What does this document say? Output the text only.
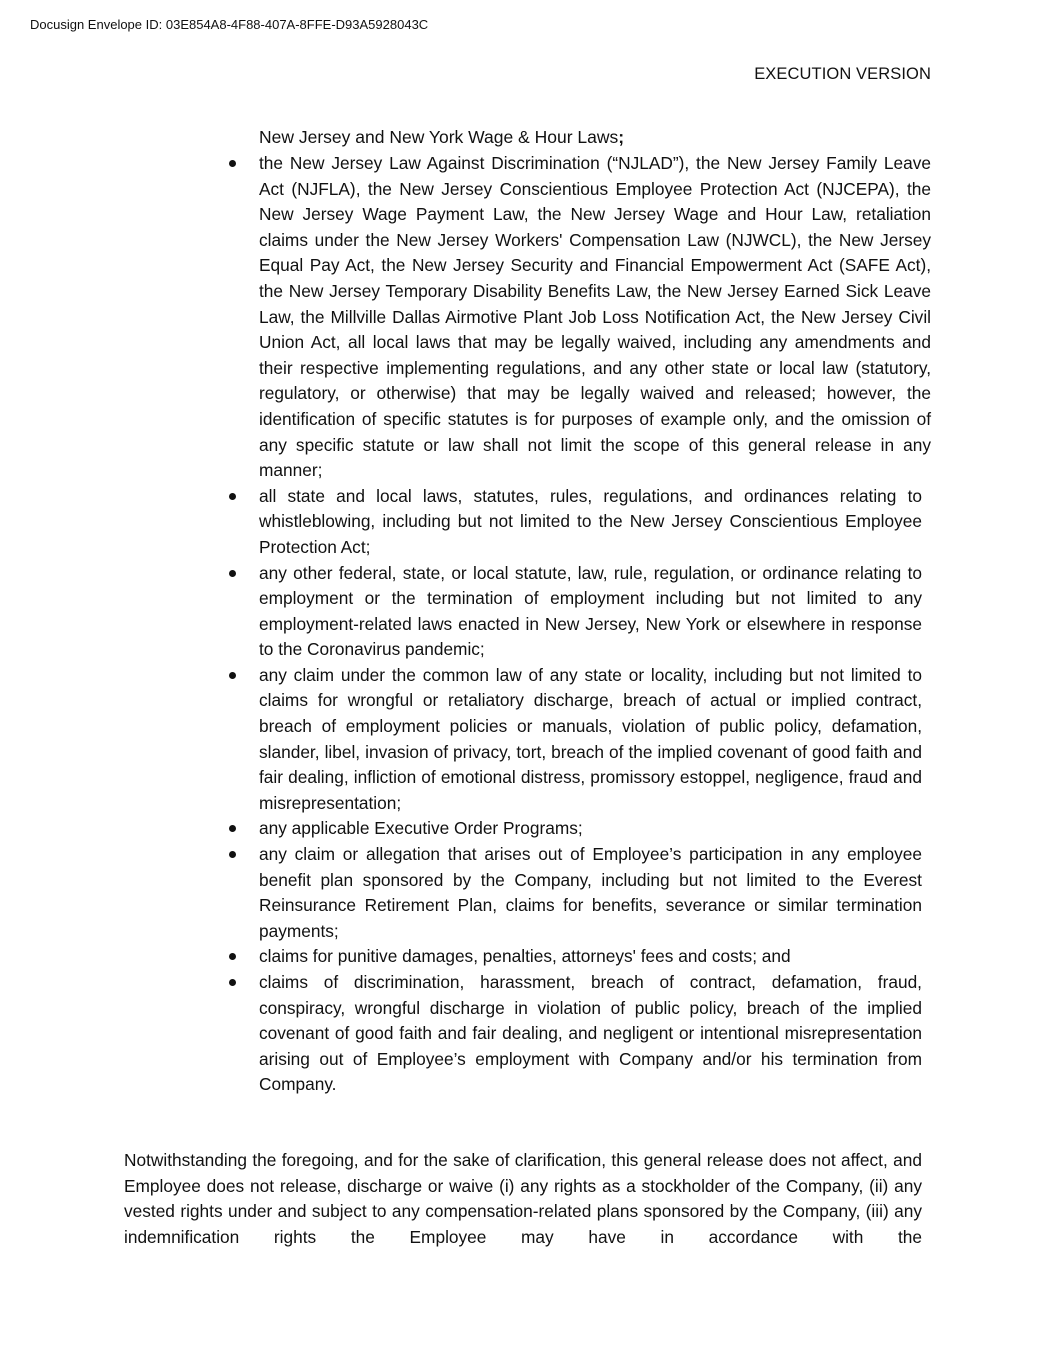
Docusign Envelope ID: 03E854A8-4F88-407A-8FFE-D93A5928043C
EXECUTION VERSION
New Jersey and New York Wage & Hour Laws;
the New Jersey Law Against Discrimination (“NJLAD”), the New Jersey Family Leave Act (NJFLA), the New Jersey Conscientious Employee Protection Act (NJCEPA), the New Jersey Wage Payment Law, the New Jersey Wage and Hour Law, retaliation claims under the New Jersey Workers' Compensation Law (NJWCL), the New Jersey Equal Pay Act, the New Jersey Security and Financial Empowerment Act (SAFE Act), the New Jersey Temporary Disability Benefits Law, the New Jersey Earned Sick Leave Law, the Millville Dallas Airmotive Plant Job Loss Notification Act, the New Jersey Civil Union Act, all local laws that may be legally waived, including any amendments and their respective implementing regulations, and any other state or local law (statutory, regulatory, or otherwise) that may be legally waived and released; however, the identification of specific statutes is for purposes of example only, and the omission of any specific statute or law shall not limit the scope of this general release in any manner;
all state and local laws, statutes, rules, regulations, and ordinances relating to whistleblowing, including but not limited to the New Jersey Conscientious Employee Protection Act;
any other federal, state, or local statute, law, rule, regulation, or ordinance relating to employment or the termination of employment including but not limited to any employment-related laws enacted in New Jersey, New York or elsewhere in response to the Coronavirus pandemic;
any claim under the common law of any state or locality, including but not limited to claims for wrongful or retaliatory discharge, breach of actual or implied contract, breach of employment policies or manuals, violation of public policy, defamation, slander, libel, invasion of privacy, tort, breach of the implied covenant of good faith and fair dealing, infliction of emotional distress, promissory estoppel, negligence, fraud and misrepresentation;
any applicable Executive Order Programs;
any claim or allegation that arises out of Employee’s participation in any employee benefit plan sponsored by the Company, including but not limited to the Everest Reinsurance Retirement Plan, claims for benefits, severance or similar termination payments;
claims for punitive damages, penalties, attorneys' fees and costs; and
claims of discrimination, harassment, breach of contract, defamation, fraud, conspiracy, wrongful discharge in violation of public policy, breach of the implied covenant of good faith and fair dealing, and negligent or intentional misrepresentation arising out of Employee’s employment with Company and/or his termination from Company.

Notwithstanding the foregoing, and for the sake of clarification, this general release does not affect, and Employee does not release, discharge or waive (i) any rights as a stockholder of the Company, (ii) any vested rights under and subject to any compensation-related plans sponsored by the Company, (iii) any indemnification rights the Employee may have in accordance with the
